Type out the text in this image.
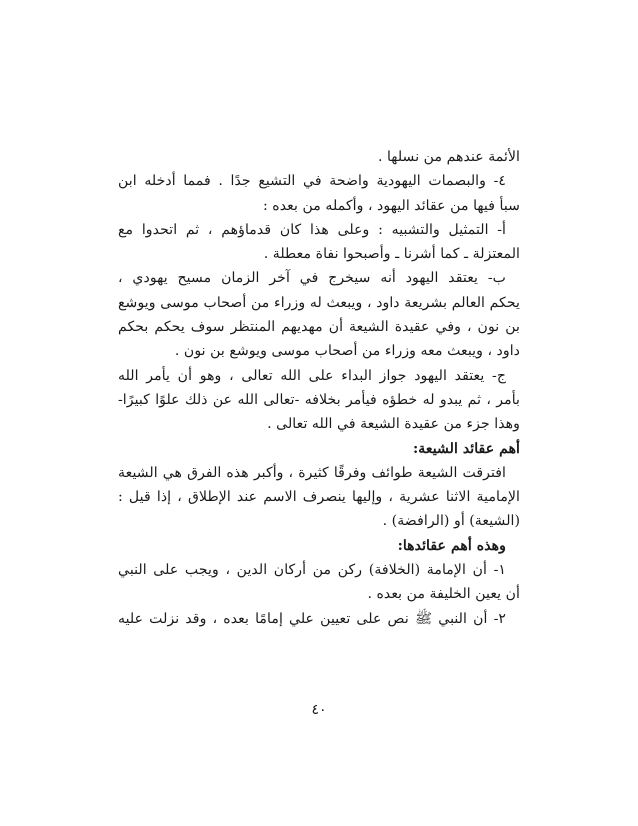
الأئمة عندهم من نسلها .
٤- والبصمات اليهودية واضحة في التشيع جدًا . فمما أدخله ابن
سبأ فيها من عقائد اليهود ، وأكمله من بعده :
أ- التمثيل والتشبيه : وعلى هذا كان قدماؤهم ، ثم اتحدوا مع
المعتزلة ـ كما أشرنا ـ وأصبحوا نفاة معطلة .
ب- يعتقد اليهود أنه سيخرج في آخر الزمان مسيح يهودي ،
يحكم العالم بشريعة داود ، ويبعث له وزراء من أصحاب موسى ويوشع
بن نون ، وفي عقيدة الشيعة أن مهديهم المنتظر سوف يحكم بحكم
داود ، ويبعث معه وزراء من أصحاب موسى ويوشع بن نون .
ج- يعتقد اليهود جواز البداء على الله تعالى ، وهو أن يأمر الله
بأمر ، ثم يبدو له خطؤه فيأمر بخلافه -تعالى الله عن ذلك علوًا كبيرًا-
وهذا جزء من عقيدة الشيعة في الله تعالى .
أهم عقائد الشيعة:
افترقت الشيعة طوائف وفرقًا كثيرة ، وأكبر هذه الفرق هي الشيعة
الإمامية الاثنا عشرية ، وإليها ينصرف الاسم عند الإطلاق ، إذا قيل :
(الشيعة) أو (الرافضة) .
وهذه أهم عقائدها:
١- أن الإمامة (الخلافة) ركن من أركان الدين ، ويجب على النبي
أن يعين الخليفة من بعده .
٢- أن النبي ﷺ نص على تعيين علي إمامًا بعده ، وقد نزلت عليه
٤٠
